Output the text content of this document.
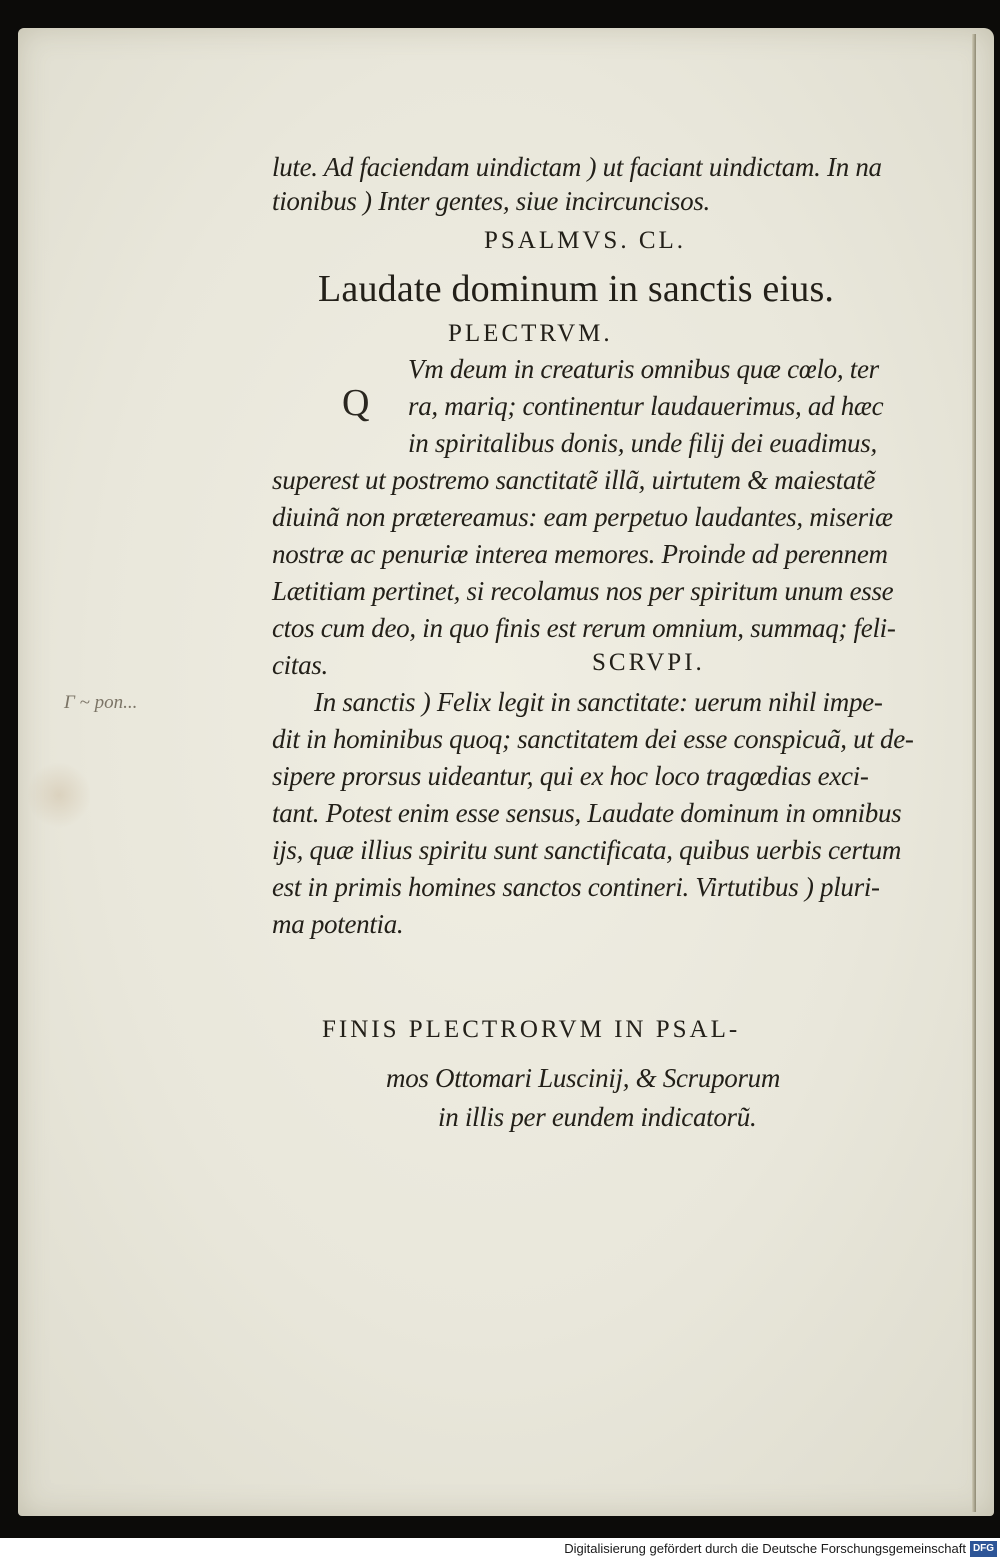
lute. Ad faciendam uindictam ) ut faciant uindictam. In na
tionibus ) Inter gentes, siue incircuncisos.
PSALMVS. CL.
Laudate dominum in sanctis eius.
PLECTRVM.
Q
Vm deum in creaturis omnibus quæ cœlo, ter
ra, mariq; continentur laudauerimus, ad hæc
in spiritalibus donis, unde filij dei euadimus,
superest ut postremo sanctitatẽ illã, uirtutem & maiestatẽ
diuinã non prætereamus: eam perpetuo laudantes, miseriæ
nostræ ac penuriæ interea memores. Proinde ad perennem
Lætitiam pertinet, si recolamus nos per spiritum unum esse
ctos cum deo, in quo finis est rerum omnium, summaq; feli-
citas.	SCRVPI.
In sanctis ) Felix legit in sanctitate: uerum nihil impe-
dit in hominibus quoq; sanctitatem dei esse conspicuã, ut de-
sipere prorsus uideantur, qui ex hoc loco tragœdias exci-
tant. Potest enim esse sensus, Laudate dominum in omnibus
ijs, quæ illius spiritu sunt sanctificata, quibus uerbis certum
est in primis homines sanctos contineri. Virtutibus ) pluri-
ma potentia.
Γ ~ pon...
FINIS PLECTRORVM IN PSAL-
mos Ottomari Luscinij, & Scruporum
in illis per eundem indicatorũ.
Digitalisierung gefördert durch die Deutsche Forschungsgemeinschaft DFG
